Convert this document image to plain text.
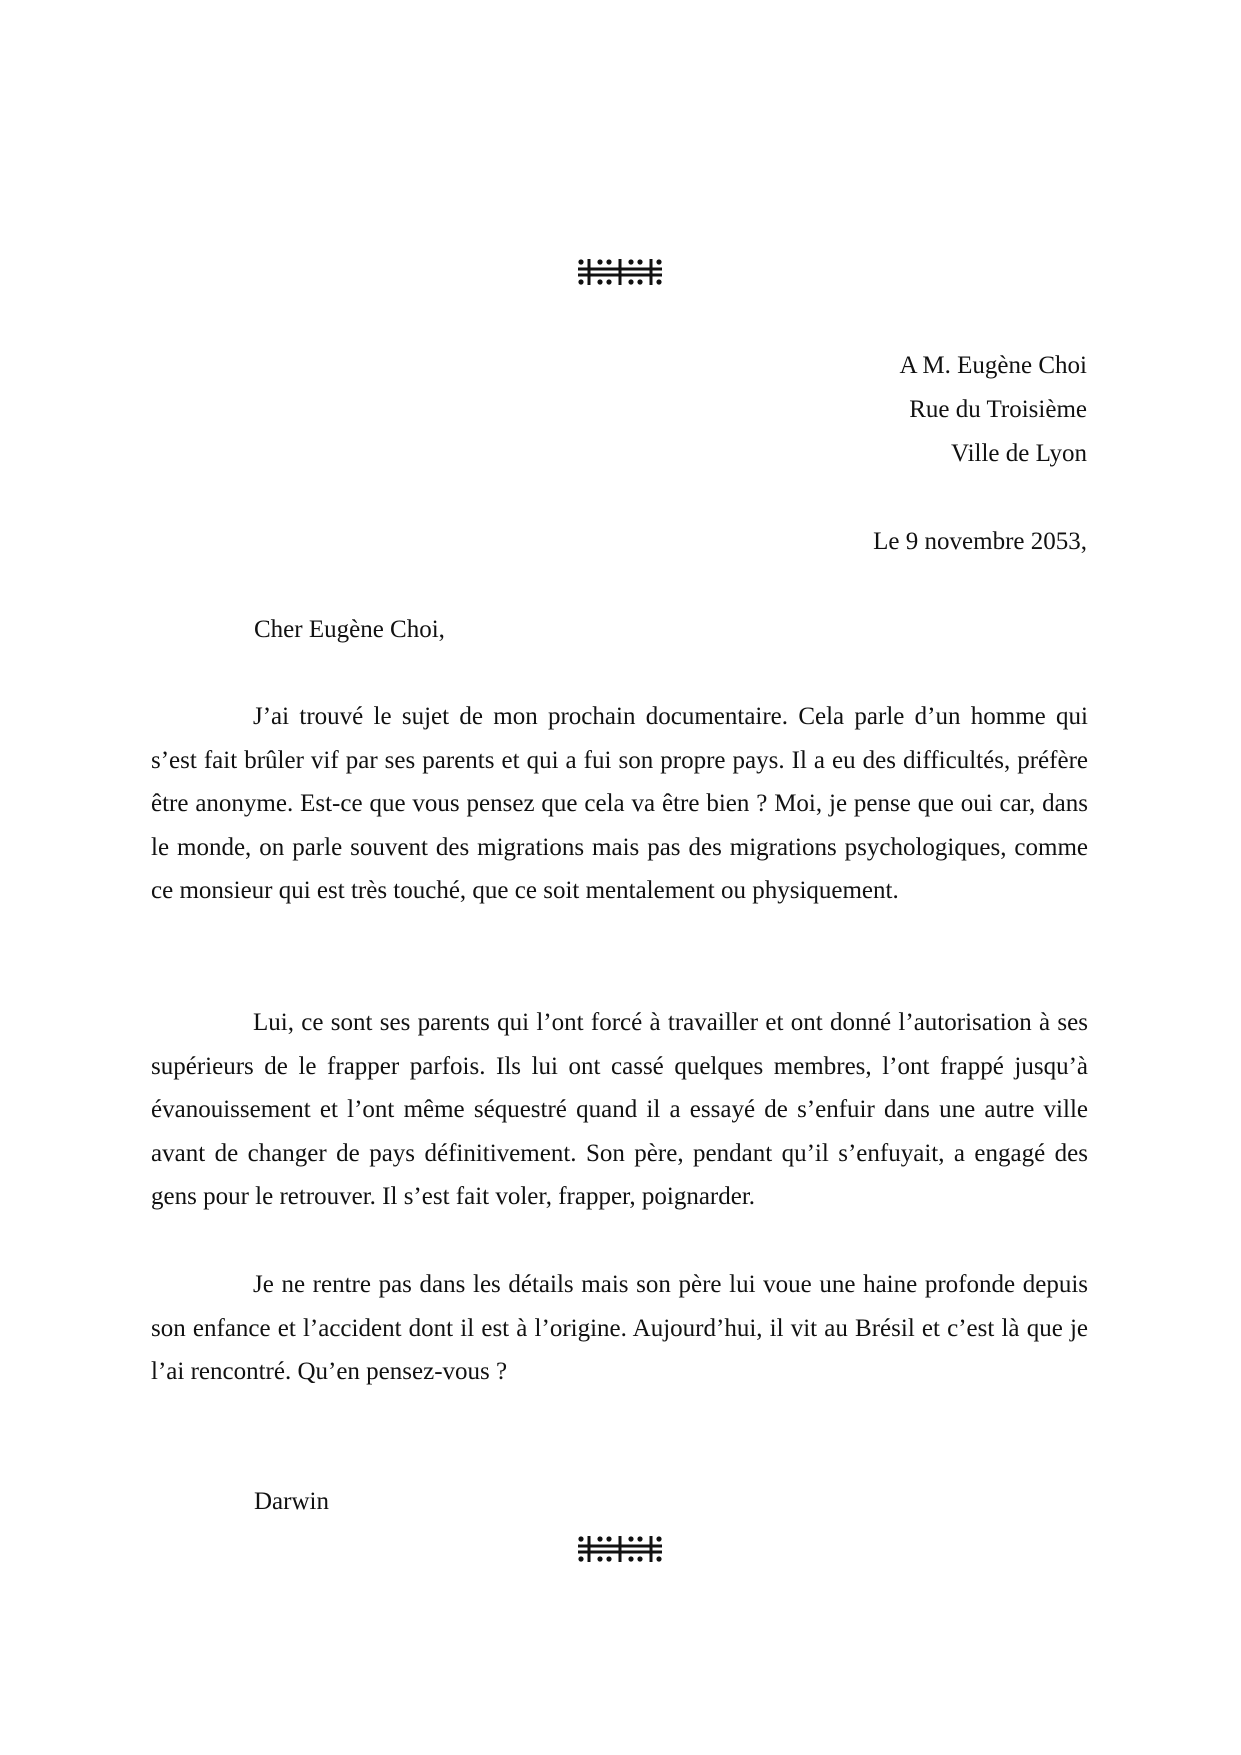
A M. Eugène Choi
Rue du Troisième
Ville de Lyon
Le 9 novembre 2053,
Cher Eugène Choi,

J’ai trouvé le sujet de mon prochain documentaire. Cela parle d’un homme qui s’est fait brûler vif par ses parents et qui a fui son propre pays. Il a eu des difficultés, préfère être anonyme. Est-ce que vous pensez que cela va être bien ? Moi, je pense que oui car, dans le monde, on parle souvent des migrations mais pas des migrations psychologiques, comme ce monsieur qui est très touché, que ce soit mentalement ou physiquement.

Lui, ce sont ses parents qui l’ont forcé à travailler et ont donné l’autorisation à ses supérieurs de le frapper parfois. Ils lui ont cassé quelques membres, l’ont frappé jusqu’à évanouissement et l’ont même séquestré quand il a essayé de s’enfuir dans une autre ville avant de changer de pays définitivement. Son père, pendant qu’il s’enfuyait, a engagé des gens pour le retrouver. Il s’est fait voler, frapper, poignarder.

Je ne rentre pas dans les détails mais son père lui voue une haine profonde depuis son enfance et l’accident dont il est à l’origine. Aujourd’hui, il vit au Brésil et c’est là que je l’ai rencontré. Qu’en pensez-vous ?

Darwin
